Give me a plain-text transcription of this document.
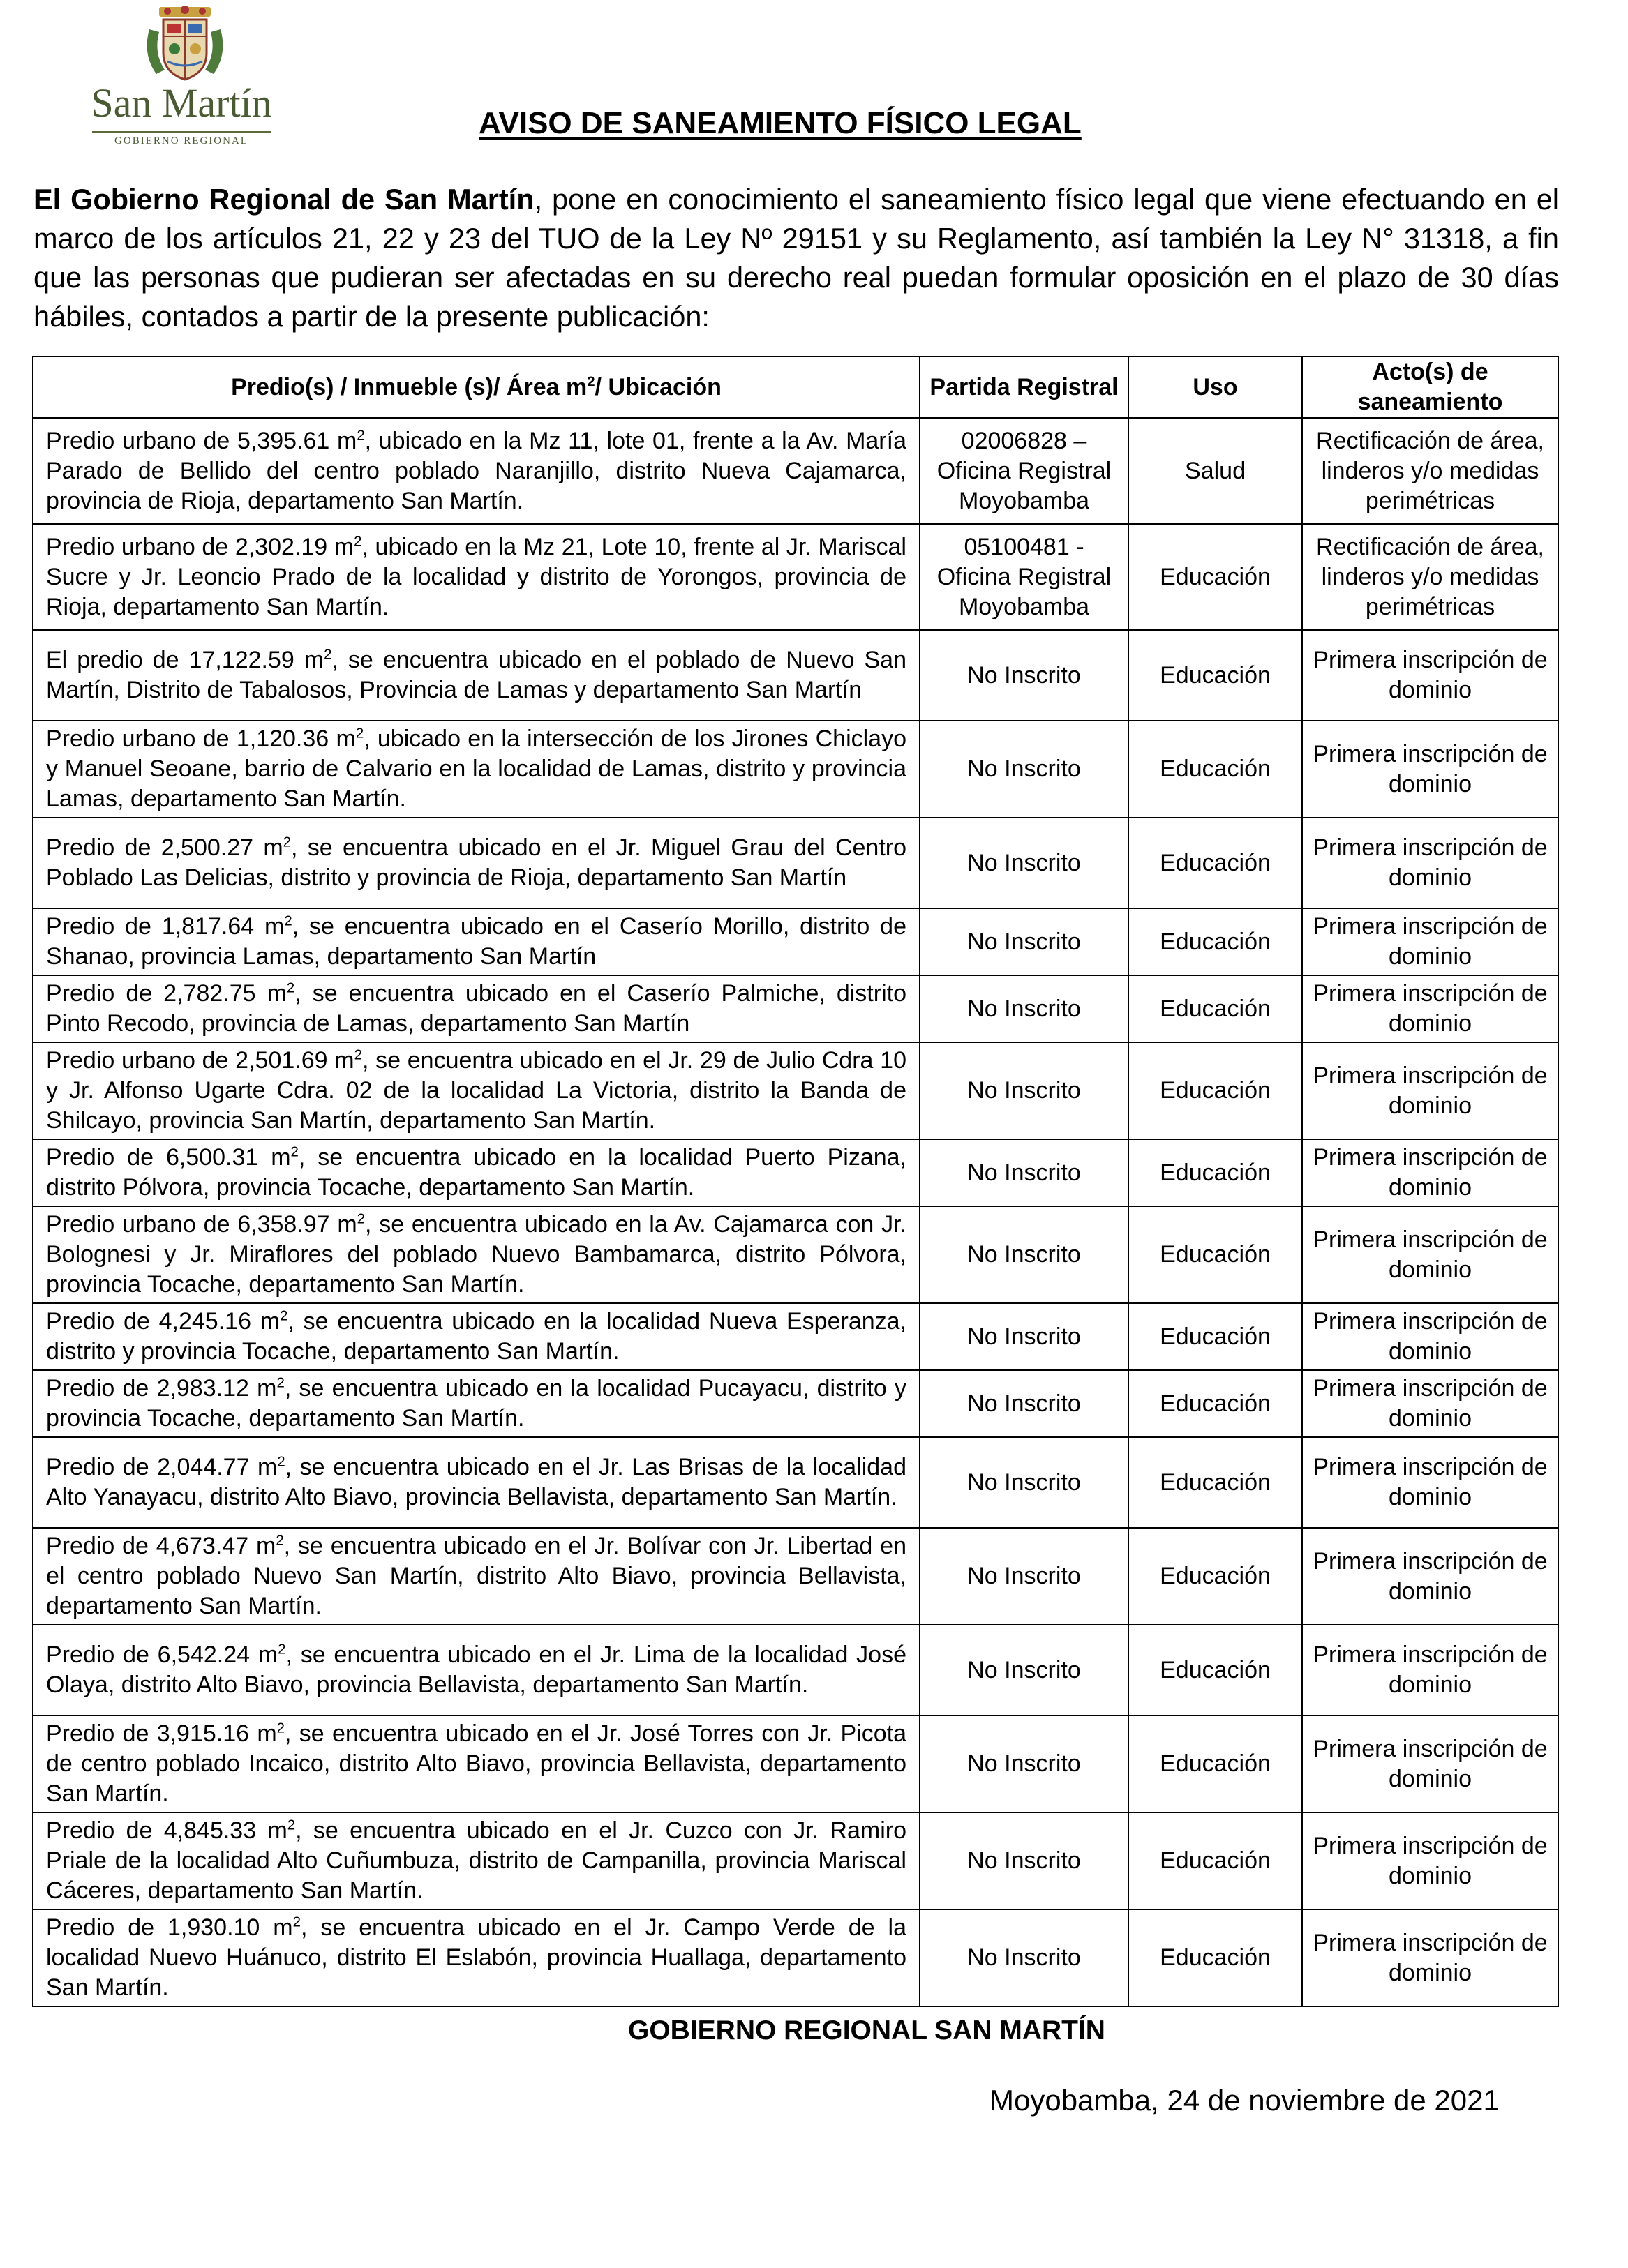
San Martín
GOBIERNO REGIONAL
AVISO DE SANEAMIENTO FÍSICO LEGAL

El Gobierno Regional de San Martín, pone en conocimiento el saneamiento físico legal que viene efectuando en el marco de los artículos 21, 22 y 23 del TUO de la Ley Nº 29151 y su Reglamento, así también la Ley N° 31318, a fin que las personas que pudieran ser afectadas en su derecho real puedan formular oposición en el plazo de 30 días hábiles, contados a partir de la presente publicación:

Predio(s) / Inmueble (s)/ Área $m^2/$ Ubicación	Partida Registral	Uso	Acto(s) de saneamiento
Predio urbano de 5,395.61 $m^2$, ubicado en la Mz 11, lote 01, frente a la Av. María Parado de Bellido del centro poblado Naranjillo, distrito Nueva Cajamarca, provincia de Rioja, departamento San Martín.	02006828 – Oficina Registral Moyobamba	Salud	Rectificación de área, linderos y/o medidas perimétricas
Predio urbano de 2,302.19 $m^2$, ubicado en la Mz 21, Lote 10, frente al Jr. Mariscal Sucre y Jr. Leoncio Prado de la localidad y distrito de Yorongos, provincia de Rioja, departamento San Martín.	05100481 - Oficina Registral Moyobamba	Educación	Rectificación de área, linderos y/o medidas perimétricas
El predio de 17,122.59 $m^2$, se encuentra ubicado en el poblado de Nuevo San Martín, Distrito de Tabalosos, Provincia de Lamas y departamento San Martín	No Inscrito	Educación	Primera inscripción de dominio
Predio urbano de 1,120.36 $m^2$, ubicado en la intersección de los Jirones Chiclayo y Manuel Seoane, barrio de Calvario en la localidad de Lamas, distrito y provincia Lamas, departamento San Martín.	No Inscrito	Educación	Primera inscripción de dominio
Predio de 2,500.27 $m^2$, se encuentra ubicado en el Jr. Miguel Grau del Centro Poblado Las Delicias, distrito y provincia de Rioja, departamento San Martín	No Inscrito	Educación	Primera inscripción de dominio
Predio de 1,817.64 $m^2$, se encuentra ubicado en el Caserío Morillo, distrito de Shanao, provincia Lamas, departamento San Martín	No Inscrito	Educación	Primera inscripción de dominio
Predio de 2,782.75 $m^2$, se encuentra ubicado en el Caserío Palmiche, distrito Pinto Recodo, provincia de Lamas, departamento San Martín	No Inscrito	Educación	Primera inscripción de dominio
Predio urbano de 2,501.69 $m^2$, se encuentra ubicado en el Jr. 29 de Julio Cdra 10 y Jr. Alfonso Ugarte Cdra. 02 de la localidad La Victoria, distrito la Banda de Shilcayo, provincia San Martín, departamento San Martín.	No Inscrito	Educación	Primera inscripción de dominio
Predio de 6,500.31 $m^2$, se encuentra ubicado en la localidad Puerto Pizana, distrito Pólvora, provincia Tocache, departamento San Martín.	No Inscrito	Educación	Primera inscripción de dominio
Predio urbano de 6,358.97 $m^2$, se encuentra ubicado en la Av. Cajamarca con Jr. Bolognesi y Jr. Miraflores del poblado Nuevo Bambamarca, distrito Pólvora, provincia Tocache, departamento San Martín.	No Inscrito	Educación	Primera inscripción de dominio
Predio de 4,245.16 $m^2$, se encuentra ubicado en la localidad Nueva Esperanza, distrito y provincia Tocache, departamento San Martín.	No Inscrito	Educación	Primera inscripción de dominio
Predio de 2,983.12 $m^2$, se encuentra ubicado en la localidad Pucayacu, distrito y provincia Tocache, departamento San Martín.	No Inscrito	Educación	Primera inscripción de dominio
Predio de 2,044.77 $m^2$, se encuentra ubicado en el Jr. Las Brisas de la localidad Alto Yanayacu, distrito Alto Biavo, provincia Bellavista, departamento San Martín.	No Inscrito	Educación	Primera inscripción de dominio
Predio de 4,673.47 $m^2$, se encuentra ubicado en el Jr. Bolívar con Jr. Libertad en el centro poblado Nuevo San Martín, distrito Alto Biavo, provincia Bellavista, departamento San Martín.	No Inscrito	Educación	Primera inscripción de dominio
Predio de 6,542.24 $m^2$, se encuentra ubicado en el Jr. Lima de la localidad José Olaya, distrito Alto Biavo, provincia Bellavista, departamento San Martín.	No Inscrito	Educación	Primera inscripción de dominio
Predio de 3,915.16 $m^2$, se encuentra ubicado en el Jr. José Torres con Jr. Picota de centro poblado Incaico, distrito Alto Biavo, provincia Bellavista, departamento San Martín.	No Inscrito	Educación	Primera inscripción de dominio
Predio de 4,845.33 $m^2$, se encuentra ubicado en el Jr. Cuzco con Jr. Ramiro Priale de la localidad Alto Cuñumbuza, distrito de Campanilla, provincia Mariscal Cáceres, departamento San Martín.	No Inscrito	Educación	Primera inscripción de dominio
Predio de 1,930.10 $m^2$, se encuentra ubicado en el Jr. Campo Verde de la localidad Nuevo Huánuco, distrito El Eslabón, provincia Huallaga, departamento San Martín.	No Inscrito	Educación	Primera inscripción de dominio
GOBIERNO REGIONAL SAN MARTÍN
Moyobamba, 24 de noviembre de 2021
